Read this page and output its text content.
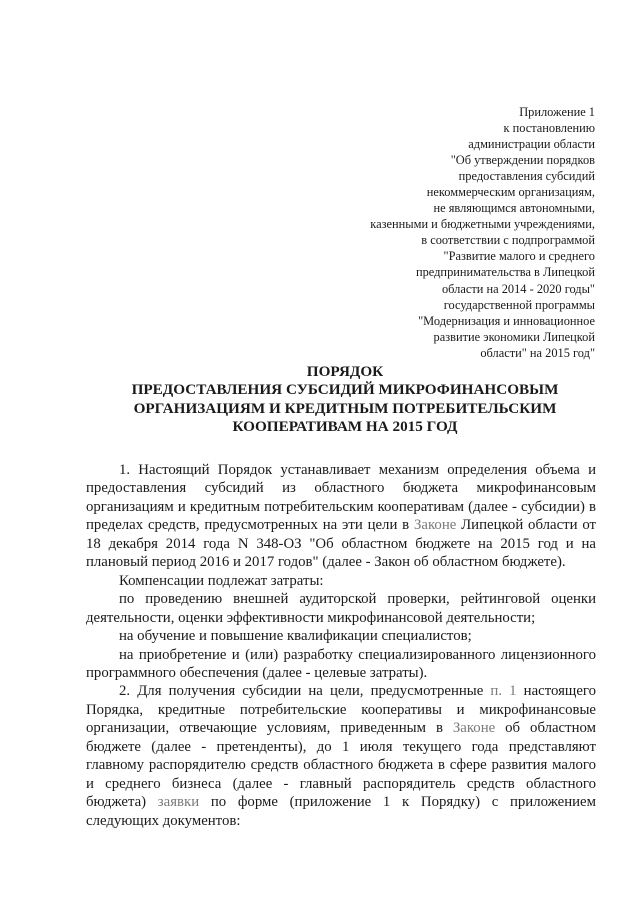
Приложение 1
к постановлению
администрации области
"Об утверждении порядков
предоставления субсидий
некоммерческим организациям,
не являющимся автономными,
казенными и бюджетными учреждениями,
в соответствии с подпрограммой
"Развитие малого и среднего
предпринимательства в Липецкой
области на 2014 - 2020 годы"
государственной программы
"Модернизация и инновационное
развитие экономики Липецкой
области" на 2015 год"
ПОРЯДОК
ПРЕДОСТАВЛЕНИЯ СУБСИДИЙ МИКРОФИНАНСОВЫМ
ОРГАНИЗАЦИЯМ И КРЕДИТНЫМ ПОТРЕБИТЕЛЬСКИМ
КООПЕРАТИВАМ НА 2015 ГОД

1. Настоящий Порядок устанавливает механизм определения объема и предоставления субсидий из областного бюджета микрофинансовым организациям и кредитным потребительским кооперативам (далее - субсидии) в пределах средств, предусмотренных на эти цели в Законе Липецкой области от 18 декабря 2014 года N 348-ОЗ "Об областном бюджете на 2015 год и на плановый период 2016 и 2017 годов" (далее - Закон об областном бюджете).

Компенсации подлежат затраты:

по проведению внешней аудиторской проверки, рейтинговой оценки деятельности, оценки эффективности микрофинансовой деятельности;

на обучение и повышение квалификации специалистов;

на приобретение и (или) разработку специализированного лицензионного программного обеспечения (далее - целевые затраты).

2. Для получения субсидии на цели, предусмотренные п. 1 настоящего Порядка, кредитные потребительские кооперативы и микрофинансовые организации, отвечающие условиям, приведенным в Законе об областном бюджете (далее - претенденты), до 1 июля текущего года представляют главному распорядителю средств областного бюджета в сфере развития малого и среднего бизнеса (далее - главный распорядитель средств областного бюджета) заявки по форме (приложение 1 к Порядку) с приложением следующих документов:
